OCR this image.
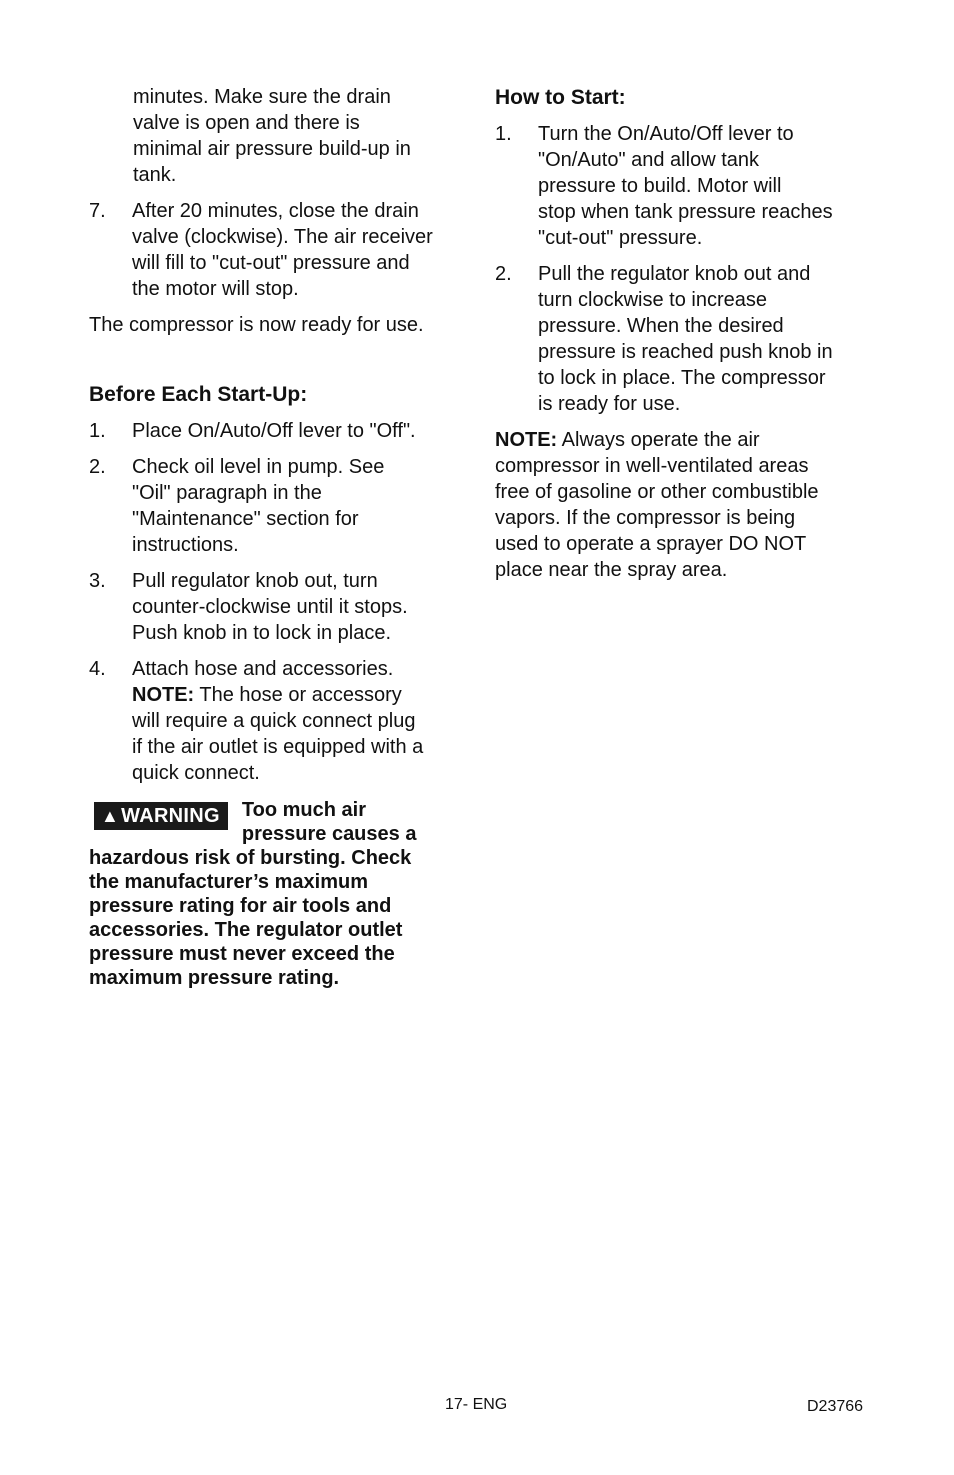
minutes. Make sure the drain
valve is open and there is
minimal air pressure build-up in
tank.

7.	After 20 minutes, close the drain
valve (clockwise). The air receiver
will fill to "cut-out" pressure and
the motor will stop.

The compressor is now ready for use.

Before Each Start-Up:
1.	Place On/Auto/Off lever to "Off".
2.	Check oil level in pump. See
"Oil" paragraph in the
"Maintenance" section for
instructions.
3.	Pull regulator knob out, turn
counter-clockwise until it stops.
Push knob in to lock in place.
4.	Attach hose and accessories.
NOTE: The hose or accessory
will require a quick connect plug
if the air outlet is equipped with a
quick connect.
▲ WARNING	Too much air
pressure causes a
hazardous risk of bursting. Check
the manufacturer’s maximum
pressure rating for air tools and
accessories. The regulator outlet
pressure must never exceed the
maximum pressure rating.
How to Start:
1.	Turn the On/Auto/Off lever to
"On/Auto" and allow tank
pressure to build. Motor will
stop when tank pressure reaches
"cut-out" pressure.
2.	Pull the regulator knob out and
turn clockwise to increase
pressure. When the desired
pressure is reached push knob in
to lock in place. The compressor
is ready for use.

NOTE: Always operate the air
compressor in well-ventilated areas
free of gasoline or other combustible
vapors. If the compressor is being
used to operate a sprayer DO NOT
place near the spray area.

17- ENG	D23766
